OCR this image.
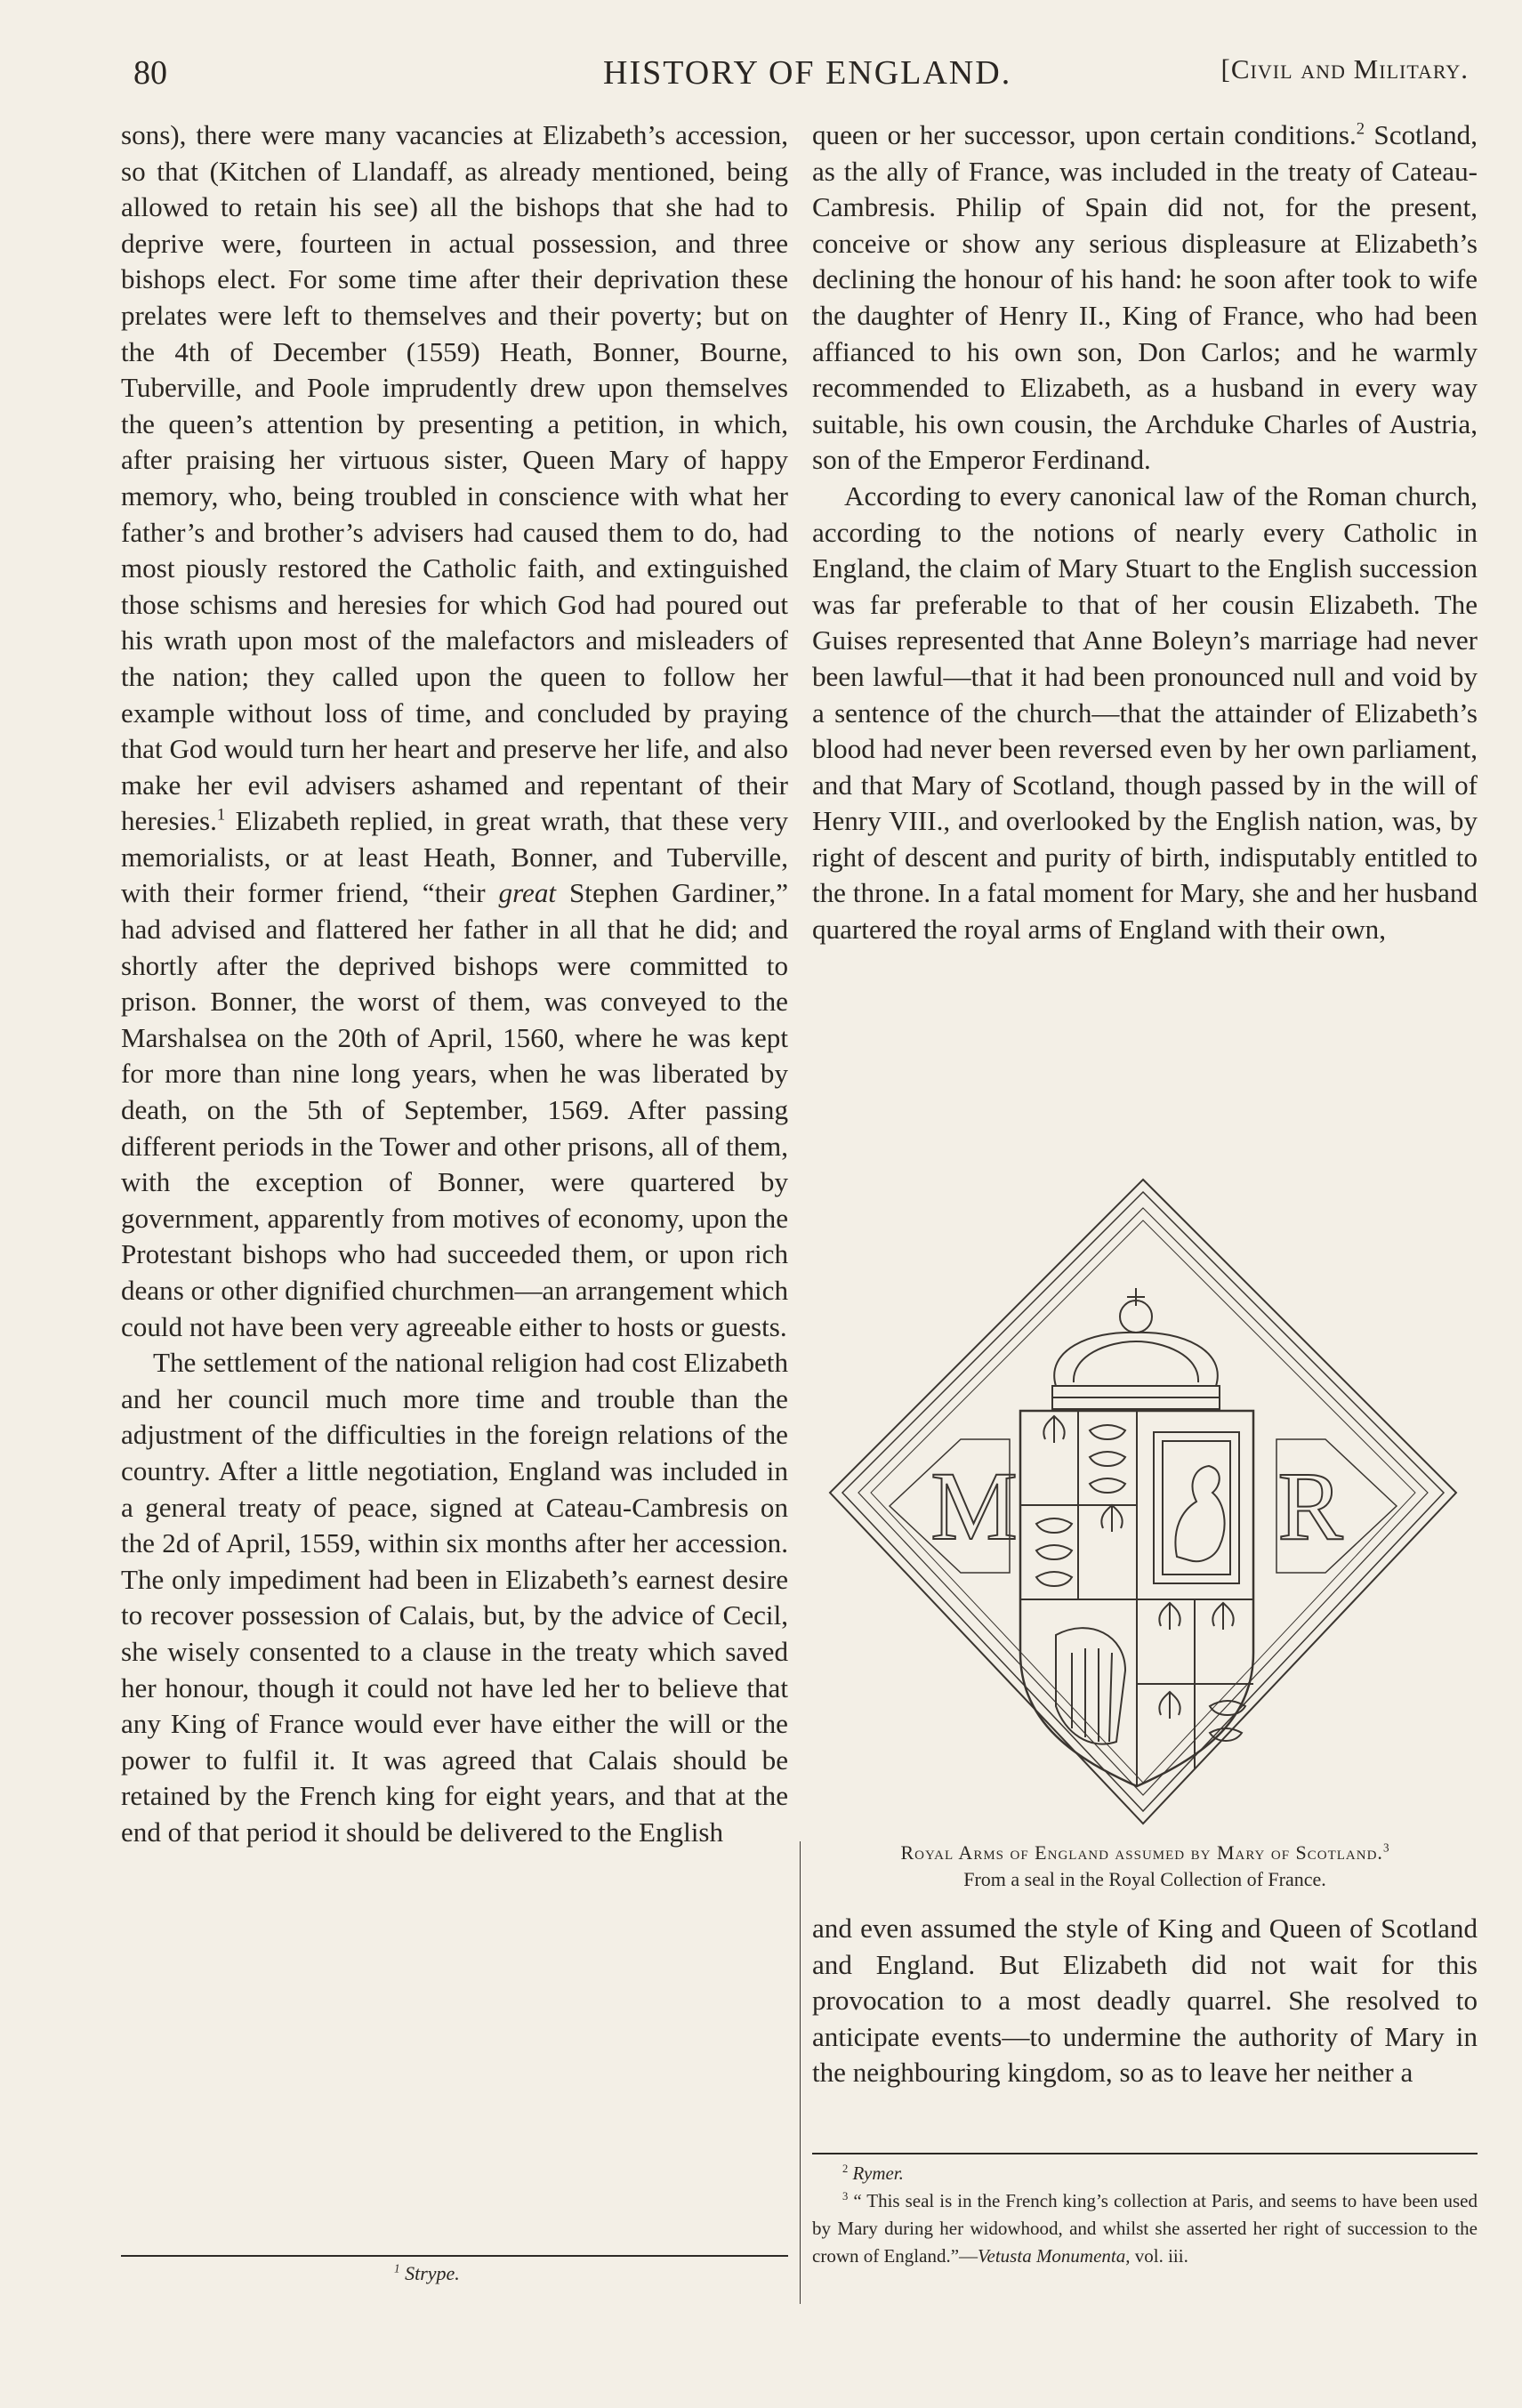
80	HISTORY OF ENGLAND.	[Civil and Military.

sons), there were many vacancies at Elizabeth’s accession, so that (Kitchen of Llandaff, as already mentioned, being allowed to retain his see) all the bishops that she had to deprive were, fourteen in actual possession, and three bishops elect. For some time after their deprivation these prelates were left to themselves and their poverty; but on the 4th of December (1559) Heath, Bonner, Bourne, Tuberville, and Poole imprudently drew upon themselves the queen’s attention by presenting a petition, in which, after praising her virtuous sister, Queen Mary of happy memory, who, being troubled in conscience with what her father’s and brother’s advisers had caused them to do, had most piously restored the Catholic faith, and extinguished those schisms and heresies for which God had poured out his wrath upon most of the malefactors and misleaders of the nation; they called upon the queen to follow her example without loss of time, and concluded by praying that God would turn her heart and preserve her life, and also make her evil advisers ashamed and repentant of their heresies.$^1$ Elizabeth replied, in great wrath, that these very memorialists, or at least Heath, Bonner, and Tuberville, with their former friend, “their great Stephen Gardiner,” had advised and flattered her father in all that he did; and shortly after the deprived bishops were committed to prison. Bonner, the worst of them, was conveyed to the Marshalsea on the 20th of April, 1560, where he was kept for more than nine long years, when he was liberated by death, on the 5th of September, 1569. After passing different periods in the Tower and other prisons, all of them, with the exception of Bonner, were quartered by government, apparently from motives of economy, upon the Protestant bishops who had succeeded them, or upon rich deans or other dignified churchmen—an arrangement which could not have been very agreeable either to hosts or guests.

The settlement of the national religion had cost Elizabeth and her council much more time and trouble than the adjustment of the difficulties in the foreign relations of the country. After a little negotiation, England was included in a general treaty of peace, signed at Cateau-Cambresis on the 2d of April, 1559, within six months after her accession. The only impediment had been in Elizabeth’s earnest desire to recover possession of Calais, but, by the advice of Cecil, she wisely consented to a clause in the treaty which saved her honour, though it could not have led her to believe that any King of France would ever have either the will or the power to fulfil it. It was agreed that Calais should be retained by the French king for eight years, and that at the end of that period it should be delivered to the English

queen or her successor, upon certain conditions.$^2$ Scotland, as the ally of France, was included in the treaty of Cateau-Cambresis. Philip of Spain did not, for the present, conceive or show any serious displeasure at Elizabeth’s declining the honour of his hand: he soon after took to wife the daughter of Henry II., King of France, who had been affianced to his own son, Don Carlos; and he warmly recommended to Elizabeth, as a husband in every way suitable, his own cousin, the Archduke Charles of Austria, son of the Emperor Ferdinand.

According to every canonical law of the Roman church, according to the notions of nearly every Catholic in England, the claim of Mary Stuart to the English succession was far preferable to that of her cousin Elizabeth. The Guises represented that Anne Boleyn’s marriage had never been lawful—that it had been pronounced null and void by a sentence of the church—that the attainder of Elizabeth’s blood had never been reversed even by her own parliament, and that Mary of Scotland, though passed by in the will of Henry VIII., and overlooked by the English nation, was, by right of descent and purity of birth, indisputably entitled to the throne. In a fatal moment for Mary, she and her husband quartered the royal arms of England with their own,

M	R
Royal Arms of England assumed by Mary of Scotland.$^3$
From a seal in the Royal Collection of France.

and even assumed the style of King and Queen of Scotland and England. But Elizabeth did not wait for this provocation to a most deadly quarrel. She resolved to anticipate events—to undermine the authority of Mary in the neighbouring kingdom, so as to leave her neither a

$^1$ Strype.

$^2$ Rymer.

$^3$ “ This seal is in the French king’s collection at Paris, and seems to have been used by Mary during her widowhood, and whilst she asserted her right of succession to the crown of England.”—Vetusta Monumenta, vol. iii.
